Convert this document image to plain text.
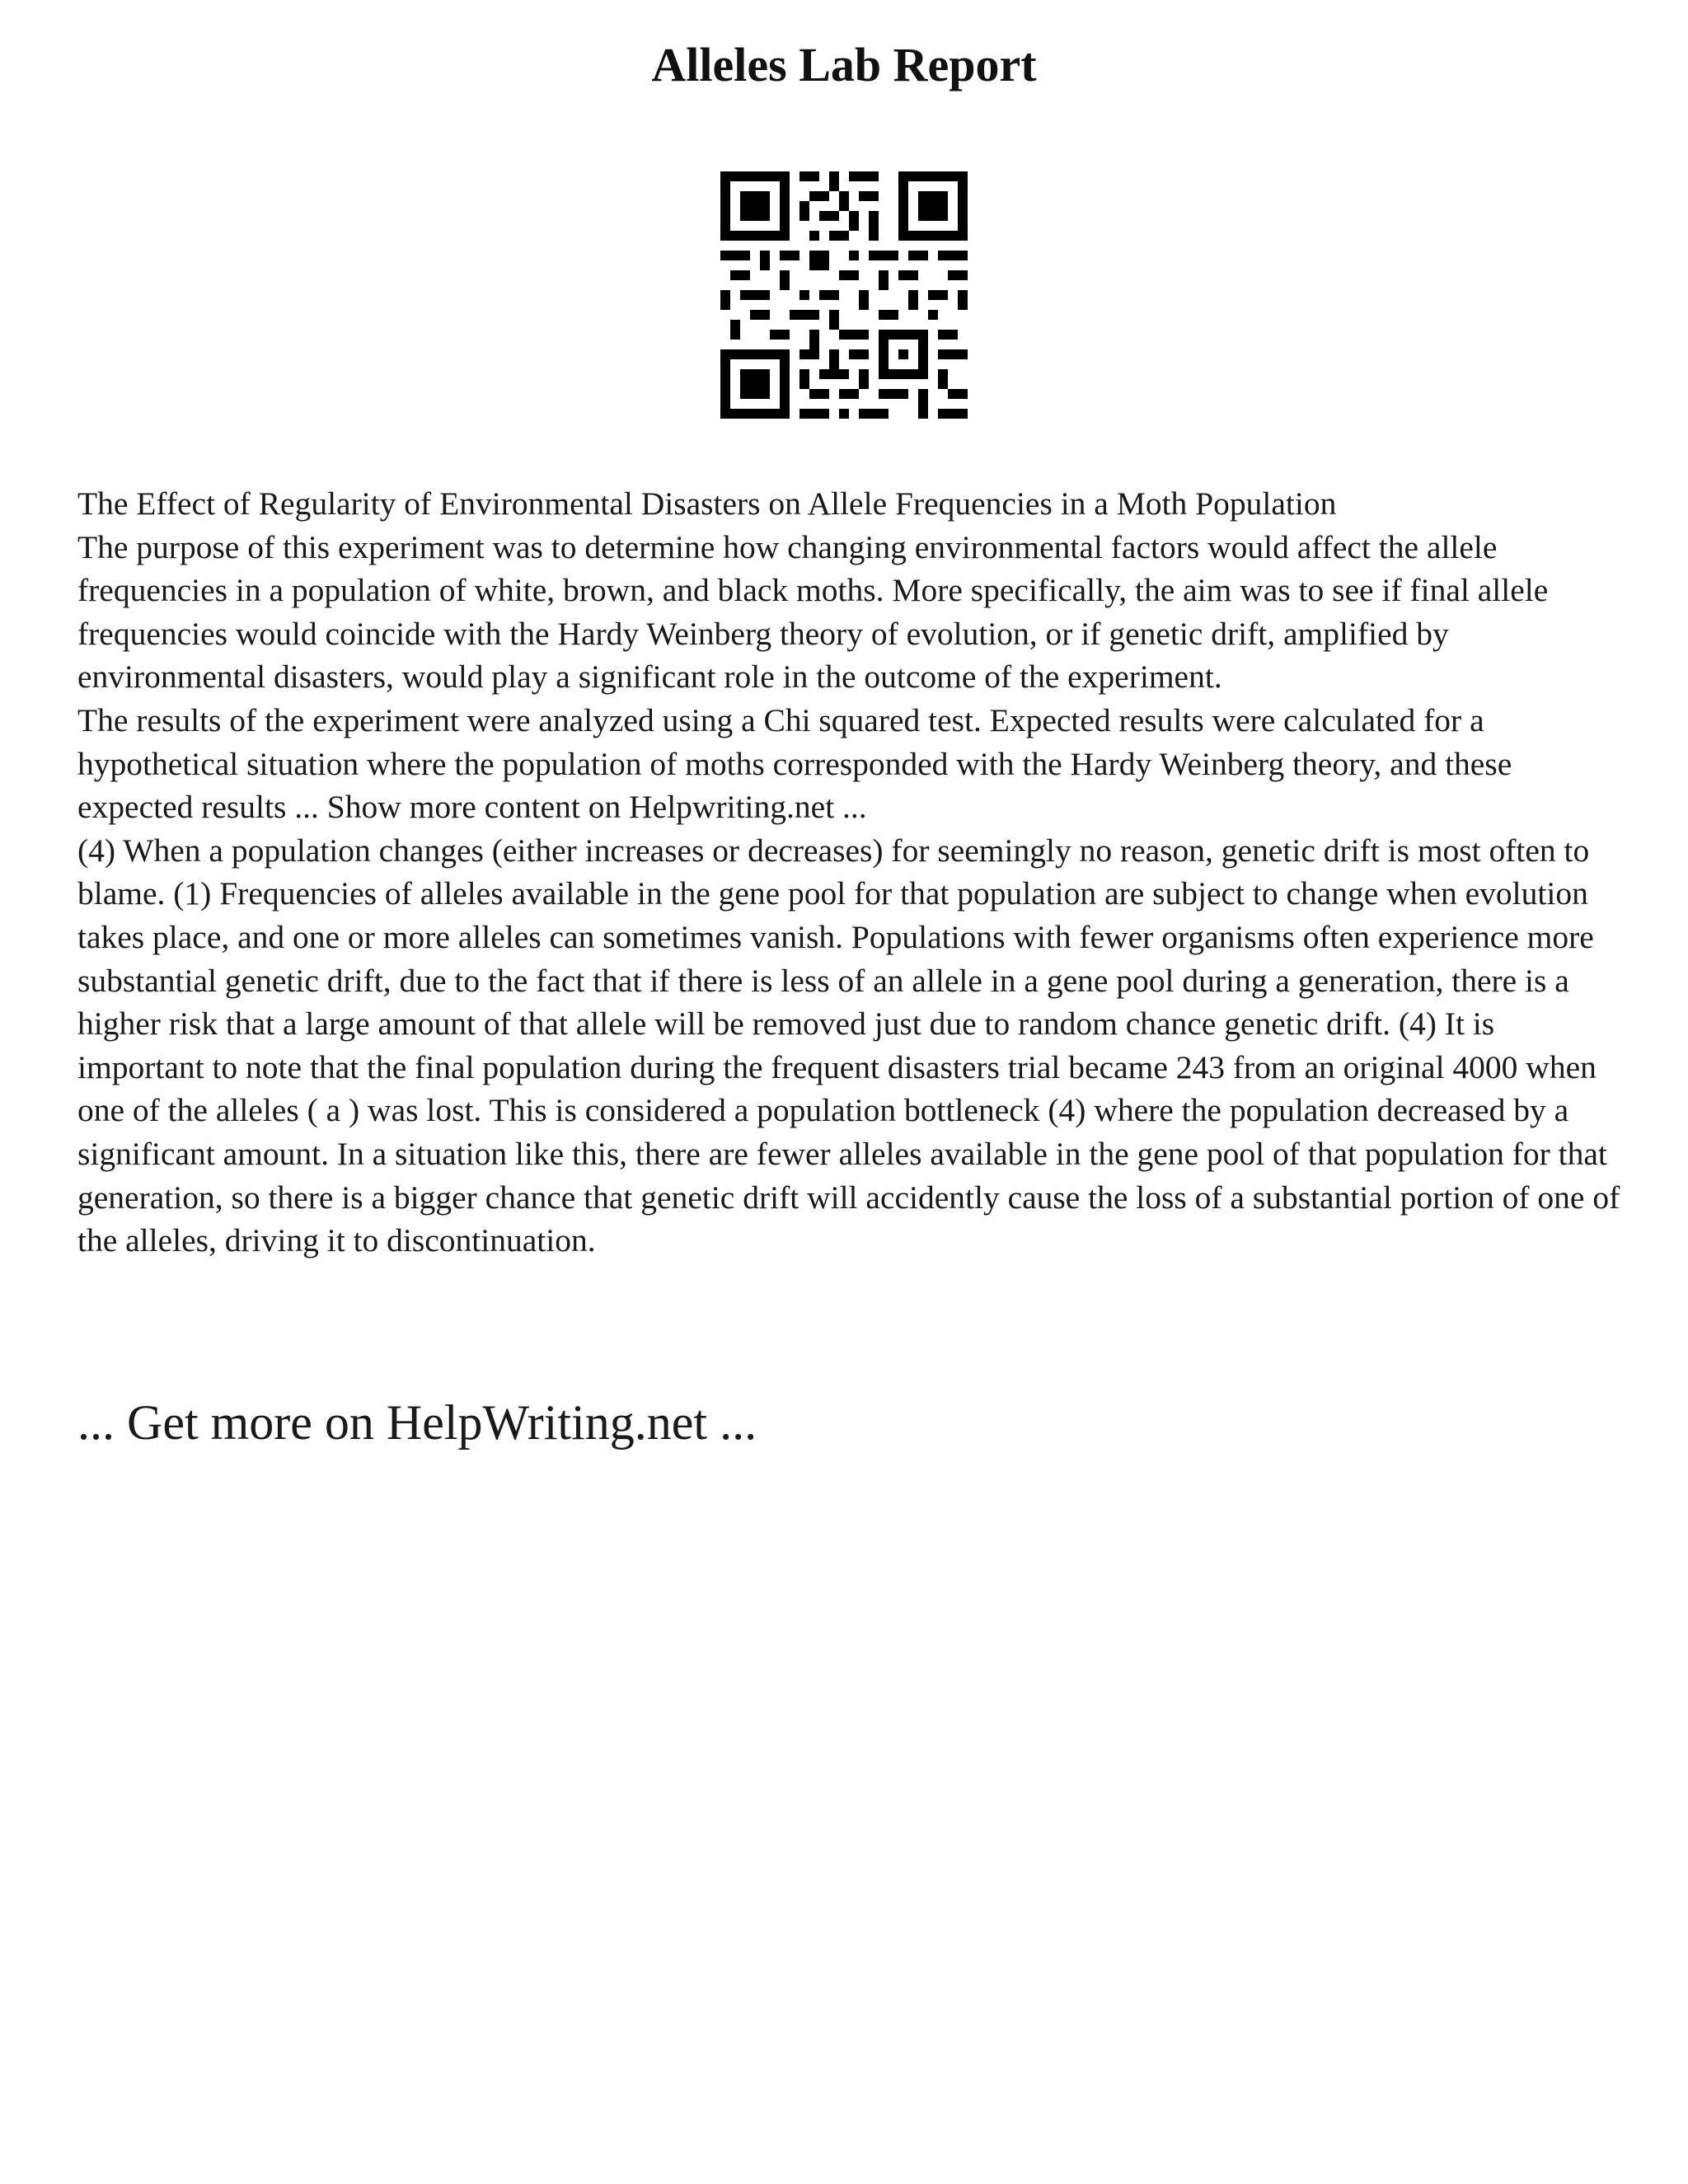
Alleles Lab Report

The Effect of Regularity of Environmental Disasters on Allele Frequencies in a Moth Population

The purpose of this experiment was to determine how changing environmental factors would affect the allele frequencies in a population of white, brown, and black moths. More specifically, the aim was to see if final allele frequencies would coincide with the Hardy Weinberg theory of evolution, or if genetic drift, amplified by environmental disasters, would play a significant role in the outcome of the experiment.

The results of the experiment were analyzed using a Chi squared test. Expected results were calculated for a hypothetical situation where the population of moths corresponded with the Hardy Weinberg theory, and these expected results ... Show more content on Helpwriting.net ...

(4) When a population changes (either increases or decreases) for seemingly no reason, genetic drift is most often to blame. (1) Frequencies of alleles available in the gene pool for that population are subject to change when evolution takes place, and one or more alleles can sometimes vanish. Populations with fewer organisms often experience more substantial genetic drift, due to the fact that if there is less of an allele in a gene pool during a generation, there is a higher risk that a large amount of that allele will be removed just due to random chance genetic drift. (4) It is important to note that the final population during the frequent disasters trial became 243 from an original 4000 when one of the alleles ( a ) was lost. This is considered a population bottleneck (4) where the population decreased by a significant amount. In a situation like this, there are fewer alleles available in the gene pool of that population for that generation, so there is a bigger chance that genetic drift will accidently cause the loss of a substantial portion of one of the alleles, driving it to discontinuation.

... Get more on HelpWriting.net ...
